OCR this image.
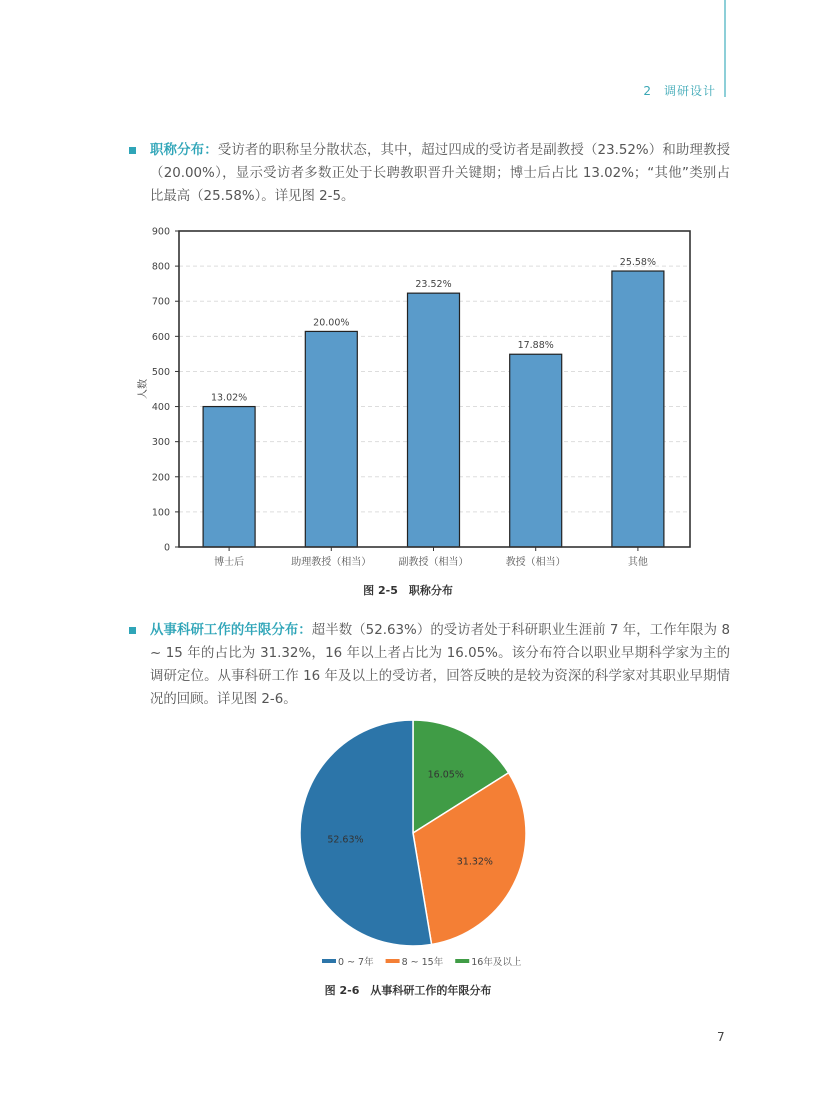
2 调研设计
职称分布：受访者的职称呈分散状态，其中，超过四成的受访者是副教授（23.52%）和助理教授（20.00%），显示受访者多数正处于长聘教职晋升关键期；博士后占比 13.02%；“其他”类别占比最高（25.58%）。详见图 2-5。
0
100
200
300
400
500
600
700
800
900
人数	13.02%
博士后
20.00%
助理教授（相当）
23.52%
副教授（相当）
17.88%
教授（相当）
25.58%
其他
图 2-5　职称分布
从事科研工作的年限分布：超半数（52.63%）的受访者处于科研职业生涯前 7 年，工作年限为 8 ~ 15 年的占比为 31.32%，16 年以上者占比为 16.05%。该分布符合以职业早期科学家为主的调研定位。从事科研工作 16 年及以上的受访者，回答反映的是较为资深的科学家对其职业早期情况的回顾。详见图 2-6。
16.05%
31.32%
52.63%
0 ~ 7年	8 ~ 15年	16年及以上
图 2-6　从事科研工作的年限分布
7
